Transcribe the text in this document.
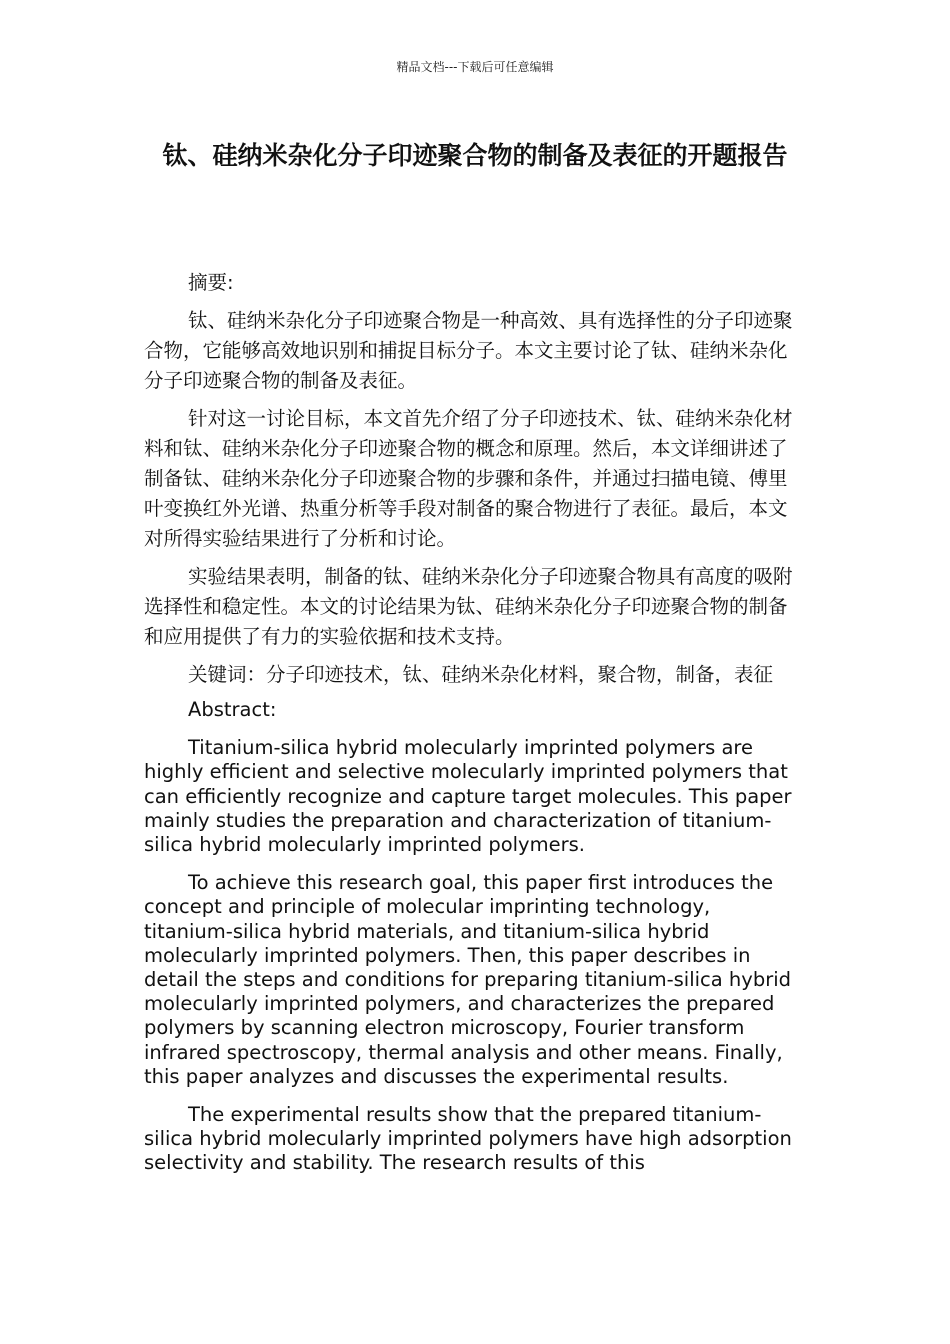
精品文档---下载后可任意编辑
钛、硅纳米杂化分子印迹聚合物的制备及表征的开题报告

摘要:

钛、硅纳米杂化分子印迹聚合物是一种高效、具有选择性的分子印迹聚合物，它能够高效地识别和捕捉目标分子。本文主要讨论了钛、硅纳米杂化分子印迹聚合物的制备及表征。

针对这一讨论目标，本文首先介绍了分子印迹技术、钛、硅纳米杂化材料和钛、硅纳米杂化分子印迹聚合物的概念和原理。然后，本文详细讲述了制备钛、硅纳米杂化分子印迹聚合物的步骤和条件，并通过扫描电镜、傅里叶变换红外光谱、热重分析等手段对制备的聚合物进行了表征。最后，本文对所得实验结果进行了分析和讨论。

实验结果表明，制备的钛、硅纳米杂化分子印迹聚合物具有高度的吸附选择性和稳定性。本文的讨论结果为钛、硅纳米杂化分子印迹聚合物的制备和应用提供了有力的实验依据和技术支持。

关键词：分子印迹技术，钛、硅纳米杂化材料，聚合物，制备，表征

Abstract:

Titanium-silica hybrid molecularly imprinted polymers are highly efficient and selective molecularly imprinted polymers that can efficiently recognize and capture target molecules. This paper mainly studies the preparation and characterization of titanium-silica hybrid molecularly imprinted polymers.

To achieve this research goal, this paper first introduces the concept and principle of molecular imprinting technology, titanium-silica hybrid materials, and titanium-silica hybrid molecularly imprinted polymers. Then, this paper describes in detail the steps and conditions for preparing titanium-silica hybrid molecularly imprinted polymers, and characterizes the prepared polymers by scanning electron microscopy, Fourier transform infrared spectroscopy, thermal analysis and other means. Finally, this paper analyzes and discusses the experimental results.

The experimental results show that the prepared titanium-silica hybrid molecularly imprinted polymers have high adsorption selectivity and stability. The research results of this
